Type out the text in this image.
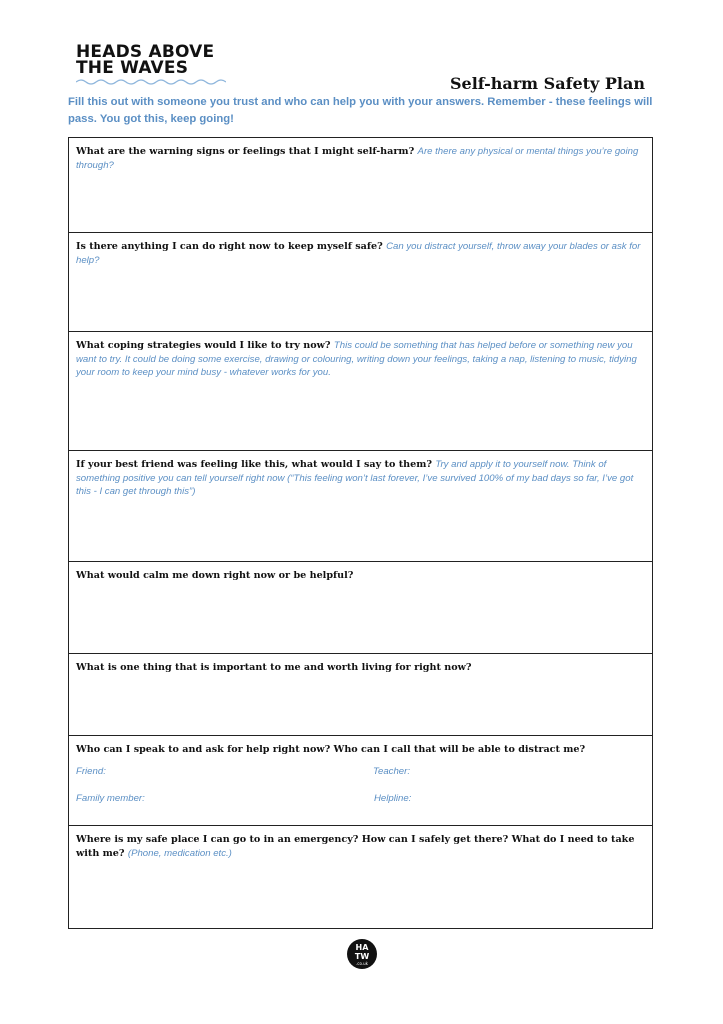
HEADS ABOVE
THE WAVES
Self-harm Safety Plan
Fill this out with someone you trust and who can help you with your answers. Remember - these feelings will pass. You got this, keep going!
What are the warning signs or feelings that I might self-harm? Are there any physical or mental things you’re going through?
Is there anything I can do right now to keep myself safe? Can you distract yourself, throw away your blades or ask for help?
What coping strategies would I like to try now? This could be something that has helped before or something new you want to try. It could be doing some exercise, drawing or colouring, writing down your feelings, taking a nap, listening to music, tidying your room to keep your mind busy - whatever works for you.
If your best friend was feeling like this, what would I say to them? Try and apply it to yourself now. Think of something positive you can tell yourself right now (“This feeling won’t last forever, I’ve survived 100% of my bad days so far, I’ve got this - I can get through this”)
What would calm me down right now or be helpful?
What is one thing that is important to me and worth living for right now?
Who can I speak to and ask for help right now? Who can I call that will be able to distract me?
Friend:	Teacher:
Family member:	Helpline:
Where is my safe place I can go to in an emergency? How can I safely get there? What do I need to take with me? (Phone, medication etc.)
HA
TW
.co.uk
